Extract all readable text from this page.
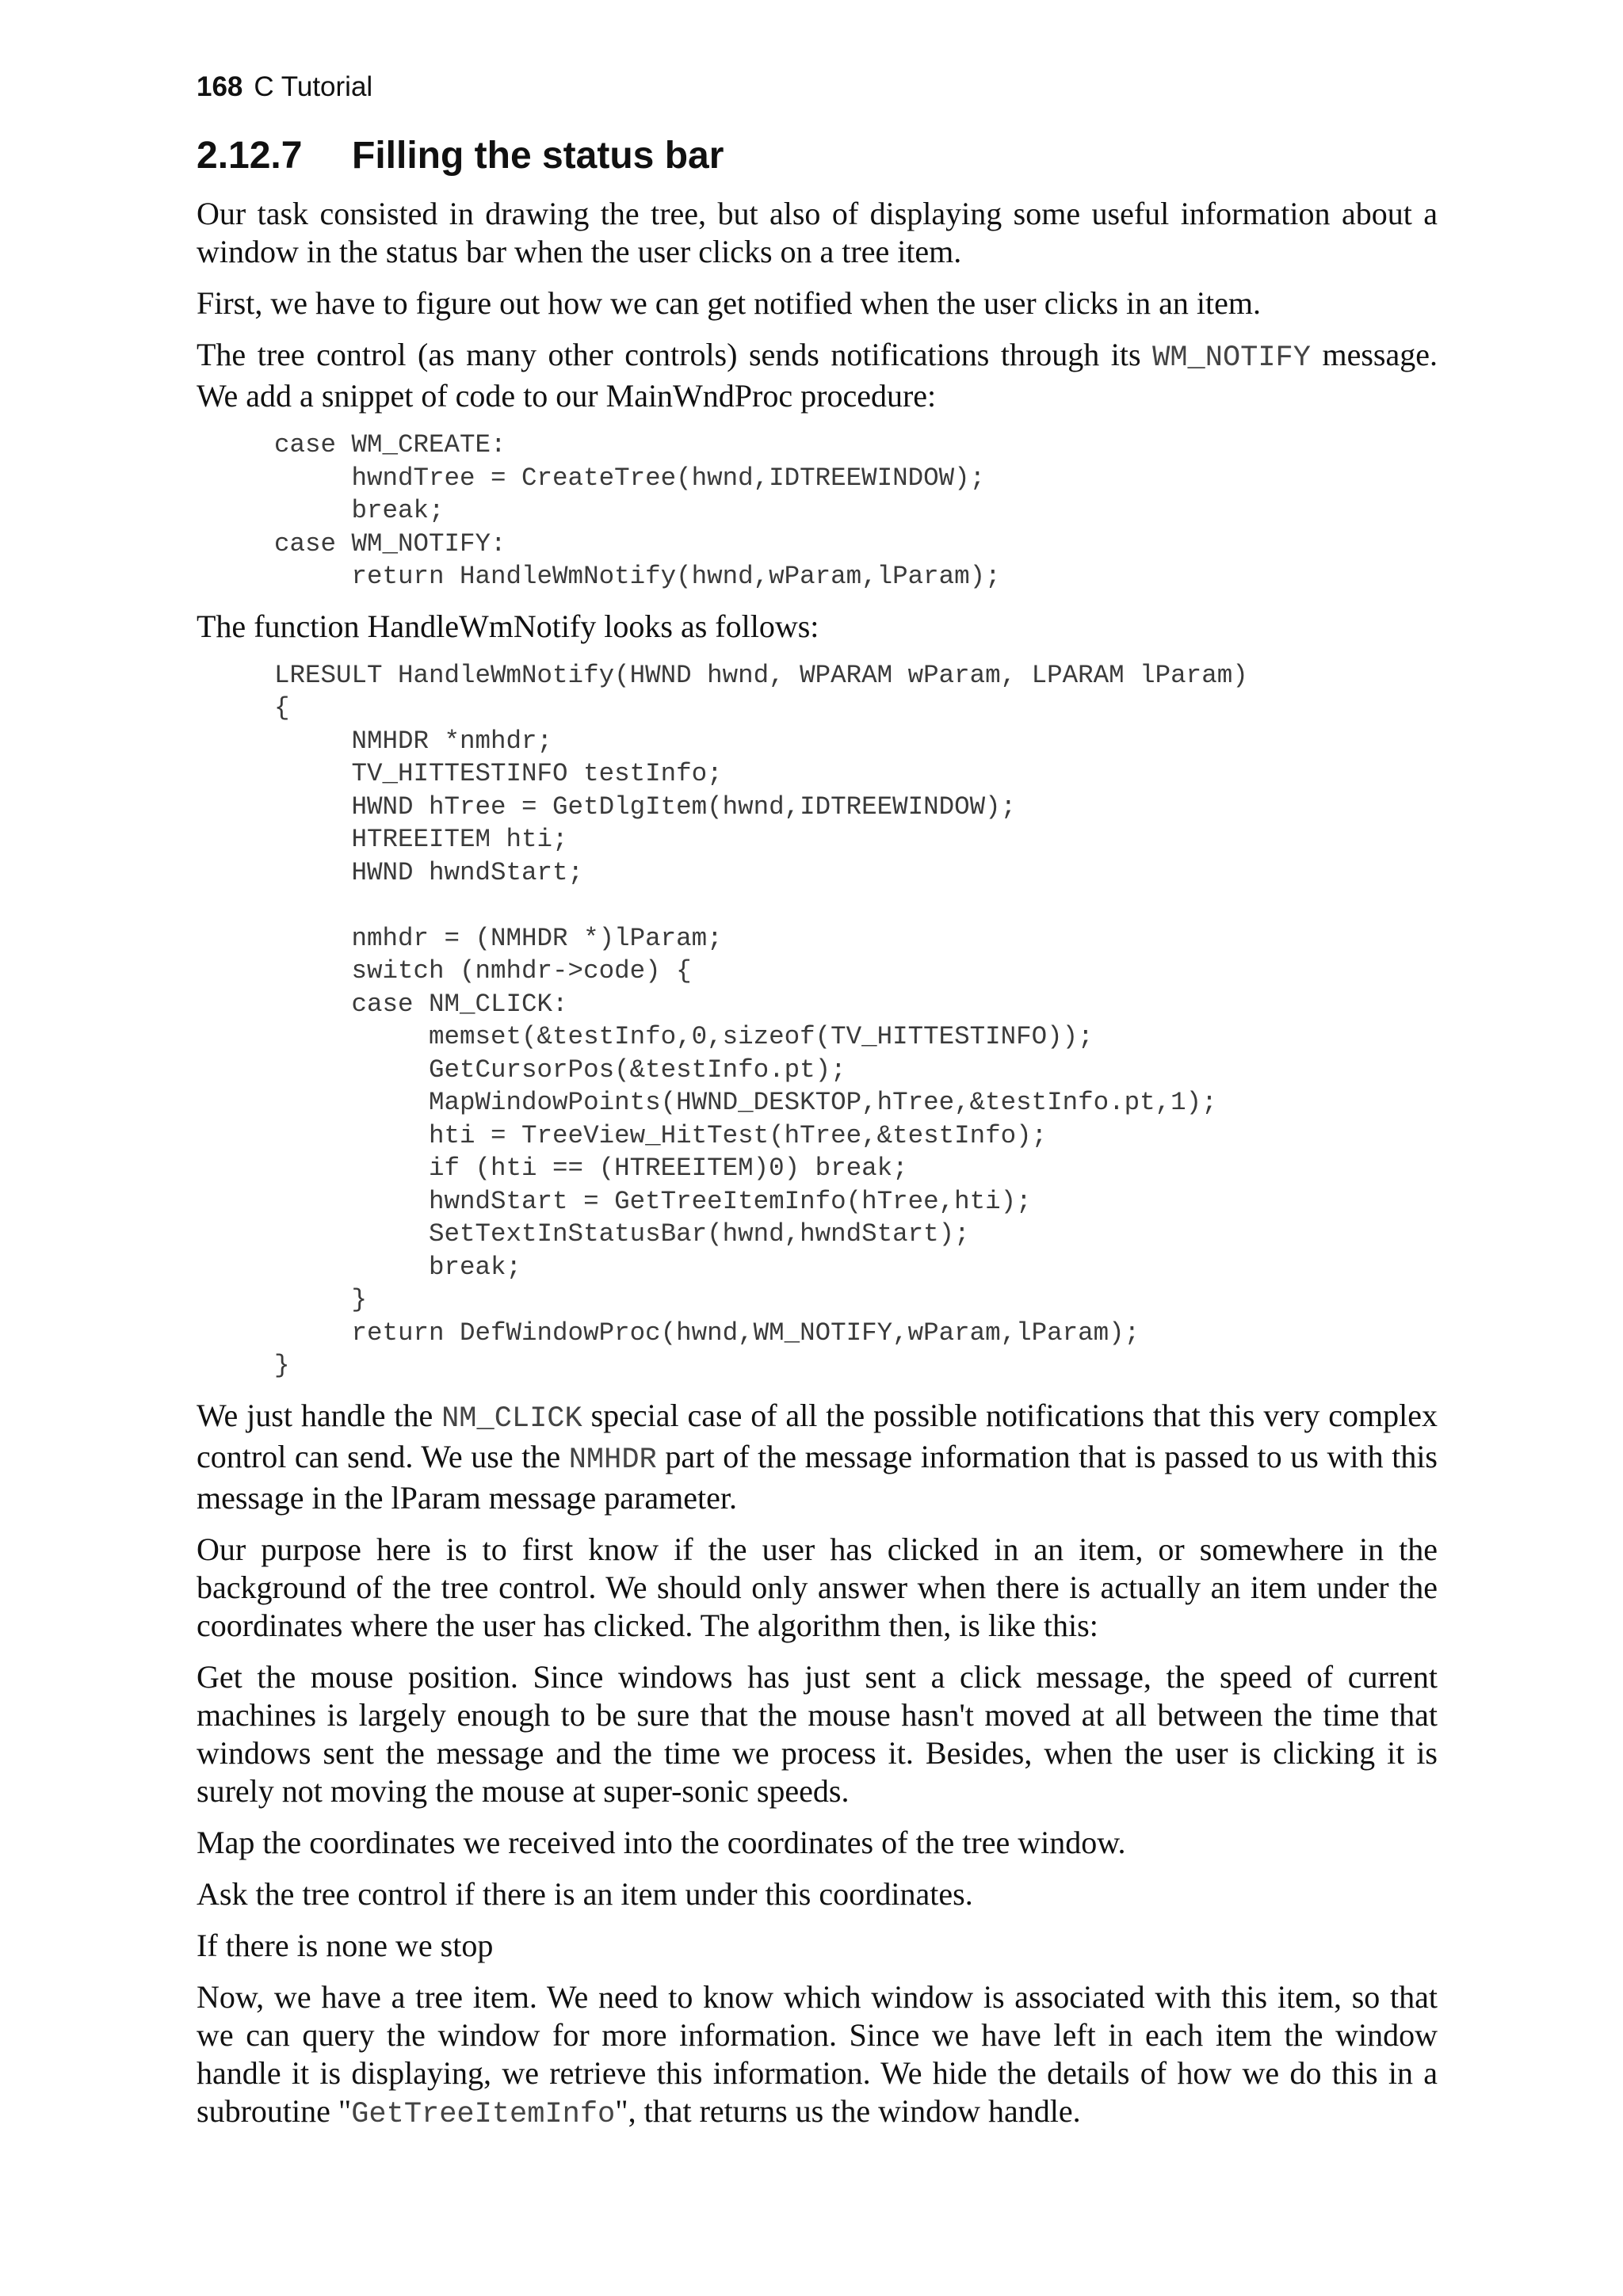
168 C Tutorial
2.12.7 Filling the status bar

Our task consisted in drawing the tree, but also of displaying some useful information about a window in the status bar when the user clicks on a tree item.

First, we have to figure out how we can get notified when the user clicks in an item.

The tree control (as many other controls) sends notifications through its WM_NOTIFY message. We add a snippet of code to our MainWndProc procedure:

case WM_CREATE:
hwndTree = CreateTree(hwnd,IDTREEWINDOW);
break;
case WM_NOTIFY:
return HandleWmNotify(hwnd,wParam,lParam);

The function HandleWmNotify looks as follows:

LRESULT HandleWmNotify(HWND hwnd, WPARAM wParam, LPARAM lParam)
{
NMHDR *nmhdr;
TV_HITTESTINFO testInfo;
HWND hTree = GetDlgItem(hwnd,IDTREEWINDOW);
HTREEITEM hti;
HWND hwndStart;

nmhdr = (NMHDR *)lParam;
switch (nmhdr->code) {
case NM_CLICK:
memset(&testInfo,0,sizeof(TV_HITTESTINFO));
GetCursorPos(&testInfo.pt);
MapWindowPoints(HWND_DESKTOP,hTree,&testInfo.pt,1);
hti = TreeView_HitTest(hTree,&testInfo);
if (hti == (HTREEITEM)0) break;
hwndStart = GetTreeItemInfo(hTree,hti);
SetTextInStatusBar(hwnd,hwndStart);
break;
}
return DefWindowProc(hwnd,WM_NOTIFY,wParam,lParam);
}

We just handle the NM_CLICK special case of all the possible notifications that this very complex control can send. We use the NMHDR part of the message information that is passed to us with this message in the lParam message parameter.

Our purpose here is to first know if the user has clicked in an item, or somewhere in the background of the tree control. We should only answer when there is actually an item under the coordinates where the user has clicked. The algorithm then, is like this:

Get the mouse position. Since windows has just sent a click message, the speed of current machines is largely enough to be sure that the mouse hasn't moved at all between the time that windows sent the message and the time we process it. Besides, when the user is clicking it is surely not moving the mouse at super-sonic speeds.

Map the coordinates we received into the coordinates of the tree window.

Ask the tree control if there is an item under this coordinates.

If there is none we stop

Now, we have a tree item. We need to know which window is associated with this item, so that we can query the window for more information. Since we have left in each item the window handle it is displaying, we retrieve this information. We hide the details of how we do this in a subroutine "GetTreeItemInfo", that returns us the window handle.
